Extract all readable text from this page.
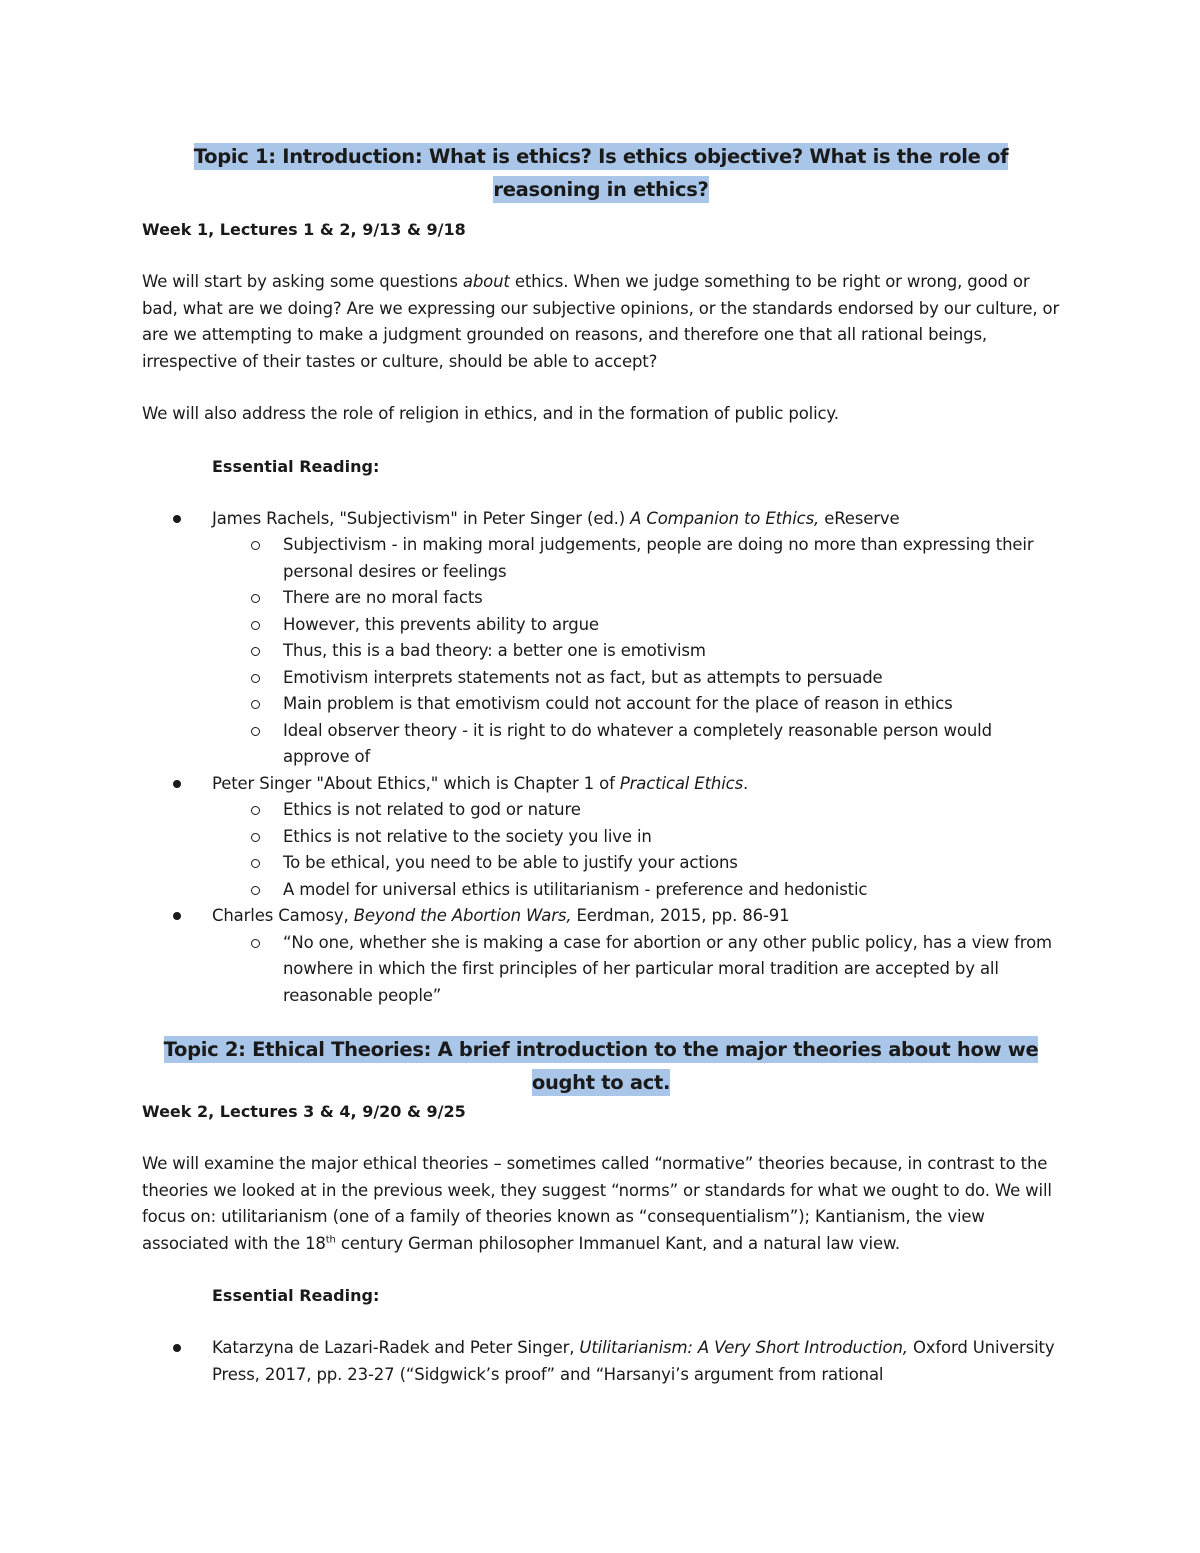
Topic 1: Introduction: What is ethics? Is ethics objective? What is the role of reasoning in ethics?

Week 1, Lectures 1 & 2, 9/13 & 9/18

We will start by asking some questions about ethics. When we judge something to be right or wrong, good or bad, what are we doing? Are we expressing our subjective opinions, or the standards endorsed by our culture, or are we attempting to make a judgment grounded on reasons, and therefore one that all rational beings, irrespective of their tastes or culture, should be able to accept?

We will also address the role of religion in ethics, and in the formation of public policy.

Essential Reading:

James Rachels, "Subjectivism" in Peter Singer (ed.) A Companion to Ethics, eReserve
Subjectivism - in making moral judgements, people are doing no more than expressing their personal desires or feelings
There are no moral facts
However, this prevents ability to argue
Thus, this is a bad theory: a better one is emotivism
Emotivism interprets statements not as fact, but as attempts to persuade
Main problem is that emotivism could not account for the place of reason in ethics
Ideal observer theory - it is right to do whatever a completely reasonable person would approve of
Peter Singer "About Ethics," which is Chapter 1 of Practical Ethics.
Ethics is not related to god or nature
Ethics is not relative to the society you live in
To be ethical, you need to be able to justify your actions
A model for universal ethics is utilitarianism - preference and hedonistic
Charles Camosy, Beyond the Abortion Wars, Eerdman, 2015, pp. 86-91
“No one, whether she is making a case for abortion or any other public policy, has a view from nowhere in which the first principles of her particular moral tradition are accepted by all reasonable people”
Topic 2: Ethical Theories: A brief introduction to the major theories about how we ought to act.

Week 2, Lectures 3 & 4, 9/20 & 9/25

We will examine the major ethical theories – sometimes called “normative” theories because, in contrast to the theories we looked at in the previous week, they suggest “norms” or standards for what we ought to do. We will focus on: utilitarianism (one of a family of theories known as “consequentialism”); Kantianism, the view associated with the 18th century German philosopher Immanuel Kant, and a natural law view.

Essential Reading:

Katarzyna de Lazari-Radek and Peter Singer, Utilitarianism: A Very Short Introduction, Oxford University Press, 2017, pp. 23-27 (“Sidgwick’s proof” and “Harsanyi’s argument from rational
